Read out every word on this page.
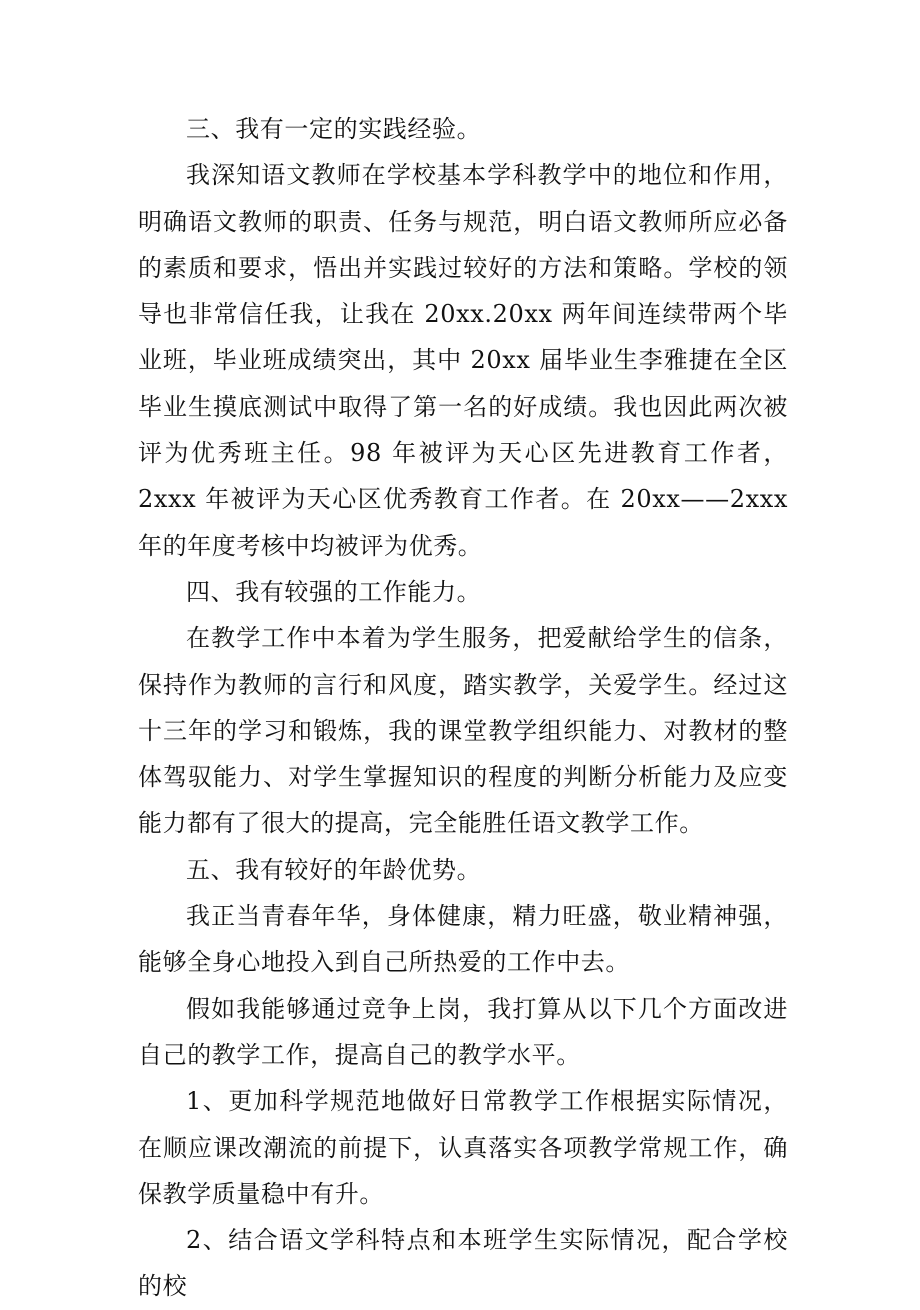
三、我有一定的实践经验。

我深知语文教师在学校基本学科教学中的地位和作用，明确语文教师的职责、任务与规范，明白语文教师所应必备的素质和要求，悟出并实践过较好的方法和策略。学校的领导也非常信任我，让我在 20xx.20xx 两年间连续带两个毕业班，毕业班成绩突出，其中 20xx 届毕业生李雅捷在全区毕业生摸底测试中取得了第一名的好成绩。我也因此两次被评为优秀班主任。98 年被评为天心区先进教育工作者，2xxx 年被评为天心区优秀教育工作者。在 20xx——2xxx 年的年度考核中均被评为优秀。

四、我有较强的工作能力。

在教学工作中本着为学生服务，把爱献给学生的信条，保持作为教师的言行和风度，踏实教学，关爱学生。经过这十三年的学习和锻炼，我的课堂教学组织能力、对教材的整体驾驭能力、对学生掌握知识的程度的判断分析能力及应变能力都有了很大的提高，完全能胜任语文教学工作。

五、我有较好的年龄优势。

我正当青春年华，身体健康，精力旺盛，敬业精神强，能够全身心地投入到自己所热爱的工作中去。

假如我能够通过竞争上岗，我打算从以下几个方面改进自己的教学工作，提高自己的教学水平。

1、更加科学规范地做好日常教学工作根据实际情况，在顺应课改潮流的前提下，认真落实各项教学常规工作，确保教学质量稳中有升。

2、结合语文学科特点和本班学生实际情况，配合学校的校
